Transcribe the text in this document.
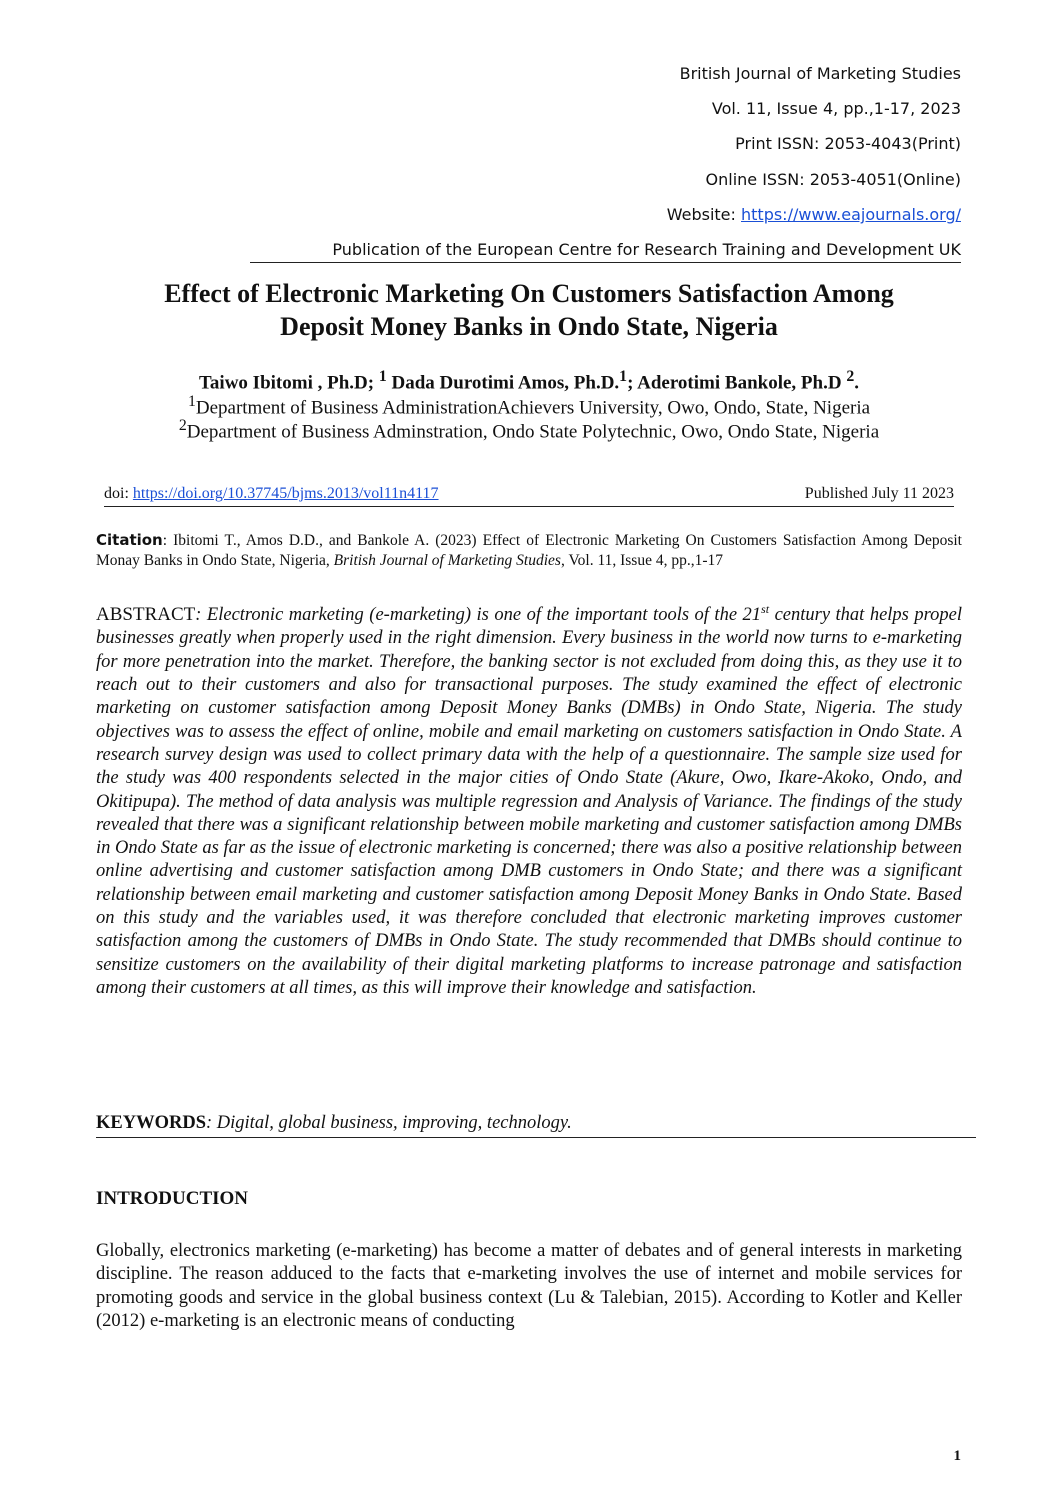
British Journal of Marketing Studies
Vol. 11, Issue 4, pp.,1-17, 2023
Print ISSN: 2053-4043(Print)
Online ISSN: 2053-4051(Online)
Website: https://www.eajournals.org/
Publication of the European Centre for Research Training and Development UK
Effect of Electronic Marketing On Customers Satisfaction Among
Deposit Money Banks in Ondo State, Nigeria
Taiwo Ibitomi , Ph.D; $^1$ Dada Durotimi Amos, Ph.D.$^1$; Aderotimi Bankole, Ph.D $^2$.
$^1$Department of Business AdministrationAchievers University, Owo, Ondo, State, Nigeria
$^2$Department of Business Adminstration, Ondo State Polytechnic, Owo, Ondo State, Nigeria
doi: https://doi.org/10.37745/bjms.2013/vol11n4117	Published July 11 2023
Citation: Ibitomi T., Amos D.D., and Bankole A. (2023) Effect of Electronic Marketing On Customers Satisfaction Among Deposit Monay Banks in Ondo State, Nigeria, British Journal of Marketing Studies, Vol. 11, Issue 4, pp.,1-17
ABSTRACT: Electronic marketing (e-marketing) is one of the important tools of the 21st century that helps propel businesses greatly when properly used in the right dimension. Every business in the world now turns to e-marketing for more penetration into the market. Therefore, the banking sector is not excluded from doing this, as they use it to reach out to their customers and also for transactional purposes. The study examined the effect of electronic marketing on customer satisfaction among Deposit Money Banks (DMBs) in Ondo State, Nigeria. The study objectives was to assess the effect of online, mobile and email marketing on customers satisfaction in Ondo State. A research survey design was used to collect primary data with the help of a questionnaire. The sample size used for the study was 400 respondents selected in the major cities of Ondo State (Akure, Owo, Ikare-Akoko, Ondo, and Okitipupa). The method of data analysis was multiple regression and Analysis of Variance. The findings of the study revealed that there was a significant relationship between mobile marketing and customer satisfaction among DMBs in Ondo State as far as the issue of electronic marketing is concerned; there was also a positive relationship between online advertising and customer satisfaction among DMB customers in Ondo State; and there was a significant relationship between email marketing and customer satisfaction among Deposit Money Banks in Ondo State. Based on this study and the variables used, it was therefore concluded that electronic marketing improves customer satisfaction among the customers of DMBs in Ondo State. The study recommended that DMBs should continue to sensitize customers on the availability of their digital marketing platforms to increase patronage and satisfaction among their customers at all times, as this will improve their knowledge and satisfaction.
KEYWORDS: Digital, global business, improving, technology.
INTRODUCTION
Globally, electronics marketing (e-marketing) has become a matter of debates and of general interests in marketing discipline. The reason adduced to the facts that e-marketing involves the use of internet and mobile services for promoting goods and service in the global business context (Lu & Talebian, 2015). According to Kotler and Keller (2012) e-marketing is an electronic means of conducting
1
